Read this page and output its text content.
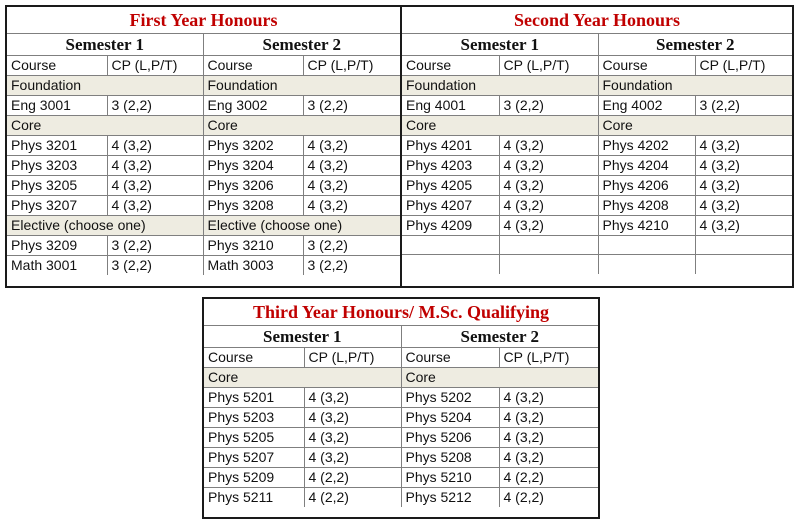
First Year Honours			
Semester 1		Semester 2	
Course	CP (L,P/T)	Course	CP (L,P/T)
Foundation		Foundation	
Eng 3001	3 (2,2)	Eng 3002	3 (2,2)
Core		Core	
Phys 3201	4 (3,2)	Phys 3202	4 (3,2)
Phys 3203	4 (3,2)	Phys 3204	4 (3,2)
Phys 3205	4 (3,2)	Phys 3206	4 (3,2)
Phys 3207	4 (3,2)	Phys 3208	4 (3,2)
Elective (choose one)		Elective (choose one)	
Phys 3209	3 (2,2)	Phys 3210	3 (2,2)
Math 3001	3 (2,2)	Math 3003	3 (2,2)
Second Year Honours			
Semester 1		Semester 2	
Course	CP (L,P/T)	Course	CP (L,P/T)
Foundation		Foundation	
Eng 4001	3 (2,2)	Eng 4002	3 (2,2)
Core		Core	
Phys 4201	4 (3,2)	Phys 4202	4 (3,2)
Phys 4203	4 (3,2)	Phys 4204	4 (3,2)
Phys 4205	4 (3,2)	Phys 4206	4 (3,2)
Phys 4207	4 (3,2)	Phys 4208	4 (3,2)
Phys 4209	4 (3,2)	Phys 4210	4 (3,2)

Third Year Honours/ M.Sc. Qualifying			
Semester 1		Semester 2	
Course	CP (L,P/T)	Course	CP (L,P/T)
Core		Core	
Phys 5201	4 (3,2)	Phys 5202	4 (3,2)
Phys 5203	4 (3,2)	Phys 5204	4 (3,2)
Phys 5205	4 (3,2)	Phys 5206	4 (3,2)
Phys 5207	4 (3,2)	Phys 5208	4 (3,2)
Phys 5209	4 (2,2)	Phys 5210	4 (2,2)
Phys 5211	4 (2,2)	Phys 5212	4 (2,2)
